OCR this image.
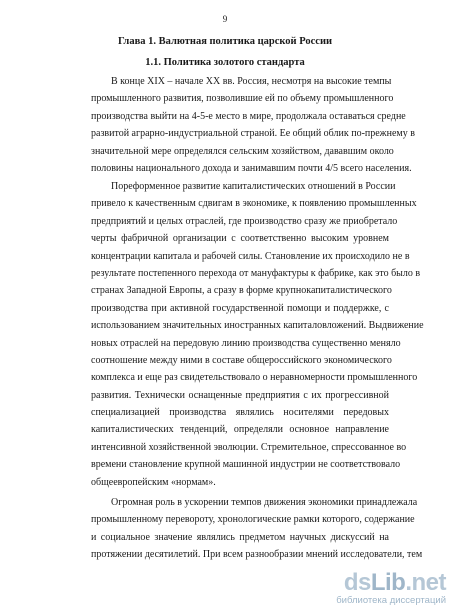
9
Глава 1. Валютная политика царской России
1.1. Политика золотого стандарта
В конце XIX – начале XX вв. Россия, несмотря на высокие темпы
промышленного развития, позволившие ей по объему промышленного
производства выйти на 4-5-е место в мире, продолжала оставаться средне
развитой аграрно-индустриальной страной. Ее общий облик по-прежнему в
значительной мере определялся сельским хозяйством, дававшим около
половины национального дохода и занимавшим почти 4/5 всего населения.
Пореформенное развитие капиталистических отношений в России
привело к качественным сдвигам в экономике, к появлению промышленных
предприятий и целых отраслей, где производство сразу же приобретало
черты фабричной организации с соответственно высоким уровнем
концентрации капитала и рабочей силы. Становление их происходило не в
результате постепенного перехода от мануфактуры к фабрике, как это было в
странах Западной Европы, а сразу в форме крупнокапиталистического
производства при активной государственной помощи и поддержке, с
использованием значительных иностранных капиталовложений. Выдвижение
новых отраслей на передовую линию производства существенно меняло
соотношение между ними в составе общероссийского экономического
комплекса и еще раз свидетельствовало о неравномерности промышленного
развития. Технически оснащенные предприятия с их прогрессивной
специализацией производства являлись носителями передовых
капиталистических тенденций, определяли основное направление
интенсивной хозяйственной эволюции. Стремительное, спрессованное во
времени становление крупной машинной индустрии не соответствовало
общеевропейским «нормам».
Огромная роль в ускорении темпов движения экономики принадлежала
промышленному перевороту, хронологические рамки которого, содержание
и социальное значение являлись предметом научных дискуссий на
протяжении десятилетий. При всем разнообразии мнений исследователи, тем
dsLib.net
библиотека диссертаций
